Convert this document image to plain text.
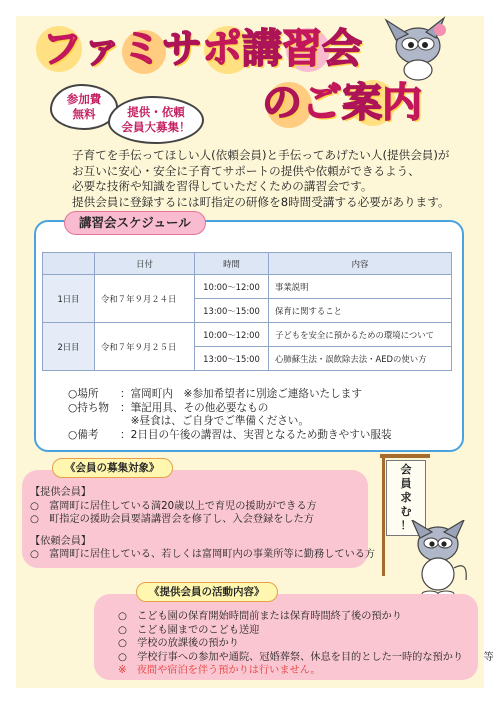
フ ァ ミ サ ポ 講 習 会
の ご 案 内
参加費
無料	提供・依頼
会員大募集！

子育てを手伝ってほしい人(依頼会員)と手伝ってあげたい人(提供会員)が

お互いに安心・安全に子育てサポートの提供や依頼ができるよう、

必要な技術や知識を習得していただくための講習会です。

提供会員に登録するには町指定の研修を8時間受講する必要があります。

講習会スケジュール
	日付	時間	内容
1日目	令和７年９月２４日	10:00～12:00	事業説明
		13:00～15:00	保育に関すること
2日目	令和７年９月２５日	10:00～12:00	子どもを安全に預かるための環境について
		13:00～15:00	心肺蘇生法・誤飲除去法・AEDの使い方
○場所	：富岡町内　※参加希望者に別途ご連絡いたします
○持ち物	：筆記用具、その他必要なもの
　※昼食は、ご自身でご準備ください。
○備考	：2日目の午後の講習は、実習となるため動きやすい服装
《会員の募集対象》
【提供会員】
○　富岡町に居住している満20歳以上で育児の援助ができる方
○　町指定の援助会員要請講習会を修了し、入会登録をした方
【依頼会員】
○　富岡町に居住している、若しくは富岡町内の事業所等に勤務している方
会
員
求
む
！
《提供会員の活動内容》
○　こども園の保育開始時間前または保育時間終了後の預かり
○　こども園までのこども送迎
○　学校の放課後の預かり
○　学校行事への参加や通院、冠婚葬祭、休息を目的とした一時的な預かり　　等
※　夜間や宿泊を伴う預かりは行いません。
